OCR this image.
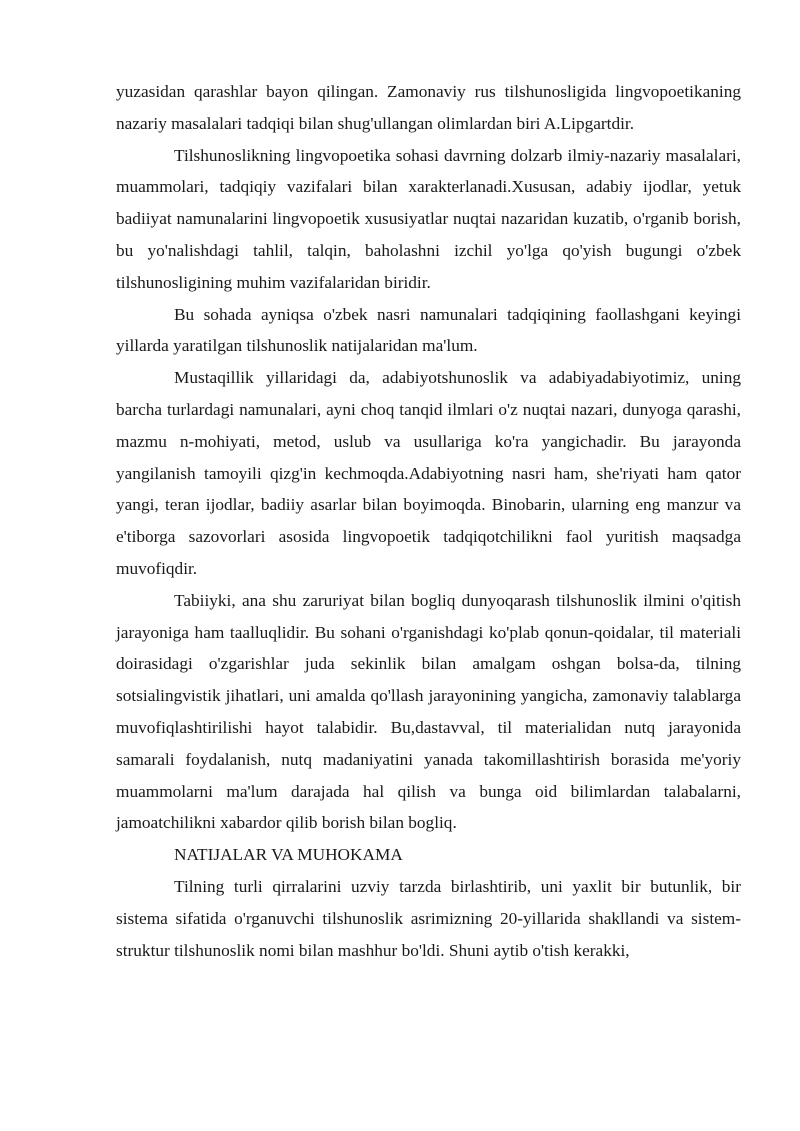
yuzasidan qarashlar bayon qilingan. Zamonaviy rus tilshunosligida lingvopoetikaning nazariy masalalari tadqiqi bilan shug'ullangan olimlardan biri A.Lipgartdir.

Tilshunoslikning lingvopoetika sohasi davrning dolzarb ilmiy-nazariy masalalari, muammolari, tadqiqiy vazifalari bilan xarakterlanadi.Xususan, adabiy ijodlar, yetuk badiiyat namunalarini lingvopoetik xususiyatlar nuqtai nazaridan kuzatib, o'rganib borish, bu yo'nalishdagi tahlil, talqin, baholashni izchil yo'lga qo'yish bugungi o'zbek tilshunosligining muhim vazifalaridan biridir.

Bu sohada ayniqsa o'zbek nasri namunalari tadqiqining faollashgani keyingi yillarda yaratilgan tilshunoslik natijalaridan ma'lum.

Mustaqillik yillaridagi da, adabiyotshunoslik va adabiyadabiyotimiz, uning barcha turlardagi namunalari, ayni choq tanqid ilmlari o'z nuqtai nazari, dunyoga qarashi, mazmu n-mohiyati, metod, uslub va usullariga ko'ra yangichadir. Bu jarayonda yangilanish tamoyili qizg'in kechmoqda.Adabiyotning nasri ham, she'riyati ham qator yangi, teran ijodlar, badiiy asarlar bilan boyimoqda. Binobarin, ularning eng manzur va e'tiborga sazovorlari asosida lingvopoetik tadqiqotchilikni faol yuritish maqsadga muvofiqdir.

Tabiiyki, ana shu zaruriyat bilan bogliq dunyoqarash tilshunoslik ilmini o'qitish jarayoniga ham taalluqlidir. Bu sohani o'rganishdagi ko'plab qonun-qoidalar, til materiali doirasidagi o'zgarishlar juda sekinlik bilan amalgam oshgan bolsa-da, tilning sotsialingvistik jihatlari, uni amalda qo'llash jarayonining yangicha, zamonaviy talablarga muvofiqlashtirilishi hayot talabidir. Bu,dastavval, til materialidan nutq jarayonida samarali foydalanish, nutq madaniyatini yanada takomillashtirish borasida me'yoriy muammolarni ma'lum darajada hal qilish va bunga oid bilimlardan talabalarni, jamoatchilikni xabardor qilib borish bilan bogliq.

NATIJALAR VA MUHOKAMA

Tilning turli qirralarini uzviy tarzda birlashtirib, uni yaxlit bir butunlik, bir sistema sifatida o'rganuvchi tilshunoslik asrimizning 20-yillarida shakllandi va sistem-struktur tilshunoslik nomi bilan mashhur bo'ldi. Shuni aytib o'tish kerakki,
